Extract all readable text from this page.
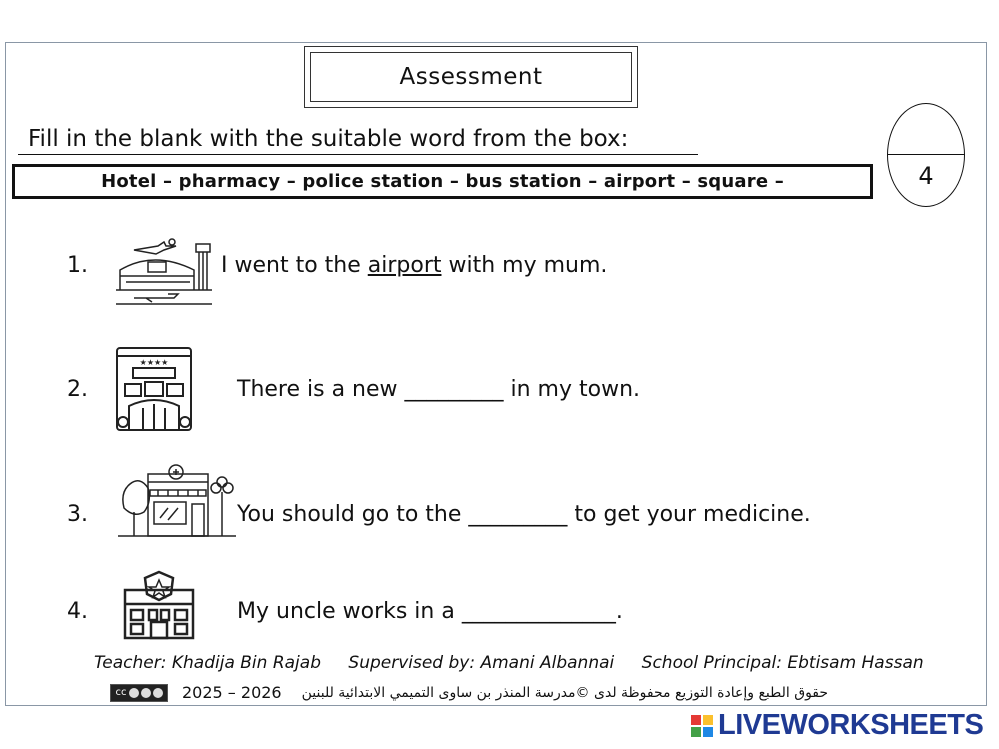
Assessment
Fill in the blank with the suitable word from the box:
Hotel – pharmacy – police station – bus station – airport – square –	4
1.	I went to the airport with my mum.
2.
★★★★
There is a new _________ in my town.
3.	You should go to the _________ to get your medicine.
4.	My uncle works in a ______________.
Teacher: Khadija Bin Rajab Supervised by: Amani Albannai School Principal: Ebtisam Hassan
cc	2025 – 2026 حقوق الطبع وإعادة التوزيع محفوظة لدى ©مدرسة المنذر بن ساوى التميمي الابتدائية للبنين
LIVEWORKSHEETS
